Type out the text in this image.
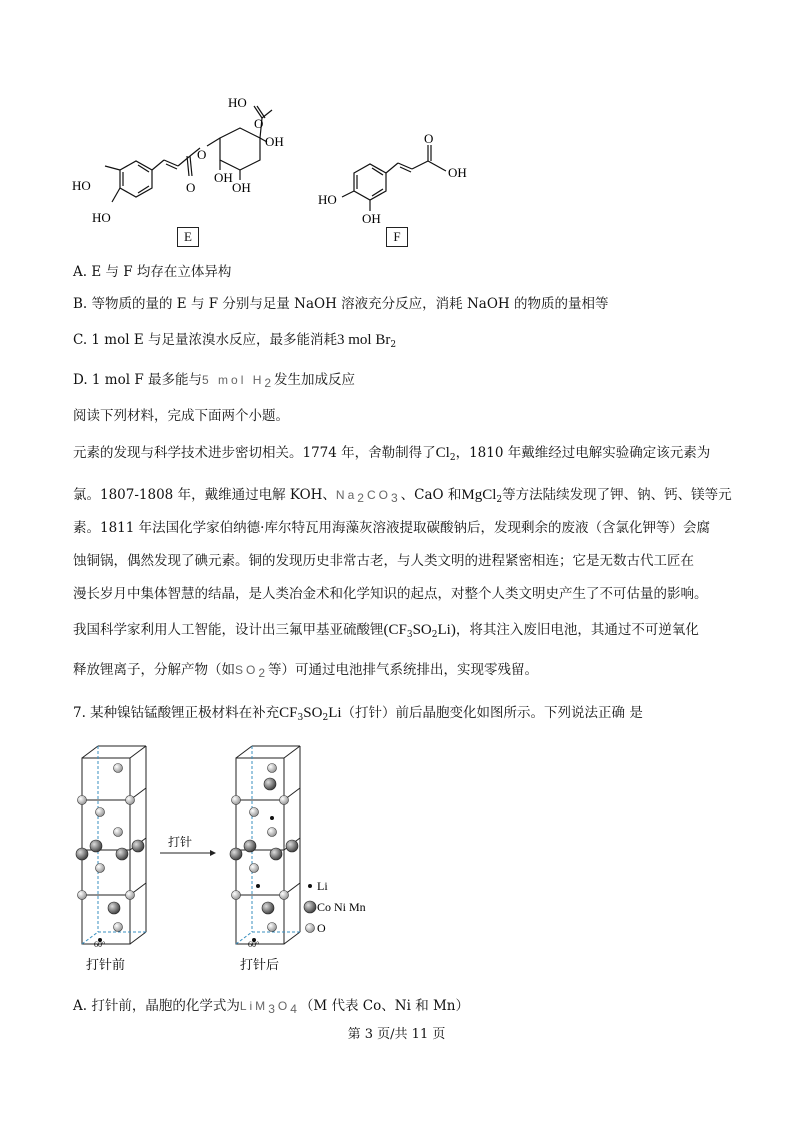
HO
HO
O
O
HO
O
OH
OH
OH
E
HO
OH
OH
O
F
A. E 与 F 均存在立体异构
B. 等物质的量的 E 与 F 分别与足量 NaOH 溶液充分反应，消耗 NaOH 的物质的量相等
C. 1 mol E 与足量浓溴水反应，最多能消耗3 mol $Br_2$
D. 1 mol F 最多能与5 mol H2发生加成反应
阅读下列材料，完成下面两个小题。
元素的发现与科学技术进步密切相关。1774 年，舍勒制得了$Cl_2$，1810 年戴维经过电解实验确定该元素为
氯。1807-1808 年，戴维通过电解 KOH、Na2CO3、CaO 和MgCl$_2$等方法陆续发现了钾、钠、钙、镁等元
素。1811 年法国化学家伯纳德·库尔特瓦用海藻灰溶液提取碳酸钠后，发现剩余的废液（含氯化钾等）会腐
蚀铜锅，偶然发现了碘元素。铜的发现历史非常古老，与人类文明的进程紧密相连；它是无数古代工匠在
漫长岁月中集体智慧的结晶，是人类冶金术和化学知识的起点，对整个人类文明史产生了不可估量的影响。
我国科学家利用人工智能，设计出三氟甲基亚硫酸锂$(CF_3SO_2Li)$，将其注入废旧电池，其通过不可逆氧化
释放锂离子，分解产物（如SO2等）可通过电池排气系统排出，实现零残留。
7. 某种镍钴锰酸锂正极材料在补充$CF_3SO_2Li$（打针）前后晶胞变化如图所示。下列说法正确 是
60°
打针
60°
Li
Co Ni Mn
O
打针前	打针后
A. 打针前，晶胞的化学式为LiM3O4（M 代表 Co、Ni 和 Mn）
第 3 页/共 11 页
